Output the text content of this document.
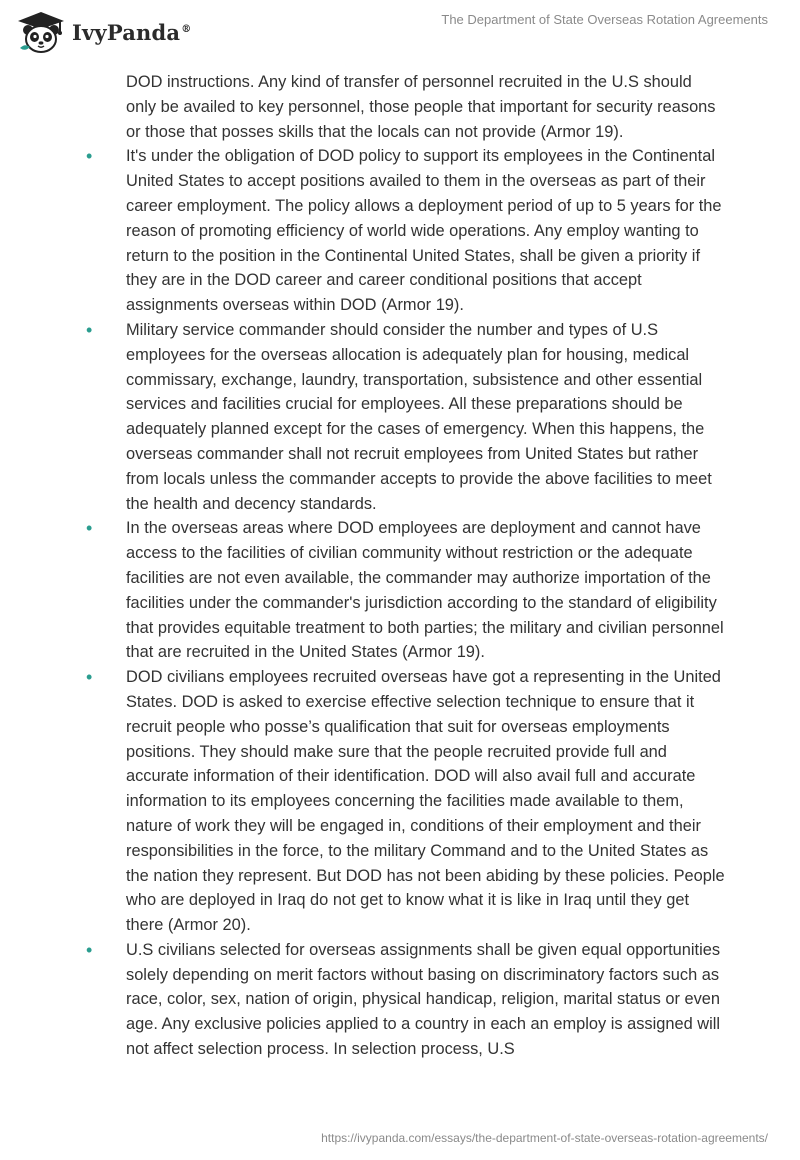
IvyPanda®
The Department of State Overseas Rotation Agreements

DOD instructions. Any kind of transfer of personnel recruited in the U.S should only be availed to key personnel, those people that important for security reasons or those that posses skills that the locals can not provide (Armor 19).

• It's under the obligation of DOD policy to support its employees in the Continental United States to accept positions availed to them in the overseas as part of their career employment. The policy allows a deployment period of up to 5 years for the reason of promoting efficiency of world wide operations. Any employ wanting to return to the position in the Continental United States, shall be given a priority if they are in the DOD career and career conditional positions that accept assignments overseas within DOD (Armor 19).

• Military service commander should consider the number and types of U.S employees for the overseas allocation is adequately plan for housing, medical commissary, exchange, laundry, transportation, subsistence and other essential services and facilities crucial for employees. All these preparations should be adequately planned except for the cases of emergency. When this happens, the overseas commander shall not recruit employees from United States but rather from locals unless the commander accepts to provide the above facilities to meet the health and decency standards.

• In the overseas areas where DOD employees are deployment and cannot have access to the facilities of civilian community without restriction or the adequate facilities are not even available, the commander may authorize importation of the facilities under the commander's jurisdiction according to the standard of eligibility that provides equitable treatment to both parties; the military and civilian personnel that are recruited in the United States (Armor 19).

• DOD civilians employees recruited overseas have got a representing in the United States. DOD is asked to exercise effective selection technique to ensure that it recruit people who posse’s qualification that suit for overseas employments positions. They should make sure that the people recruited provide full and accurate information of their identification. DOD will also avail full and accurate information to its employees concerning the facilities made available to them, nature of work they will be engaged in, conditions of their employment and their responsibilities in the force, to the military Command and to the United States as the nation they represent. But DOD has not been abiding by these policies. People who are deployed in Iraq do not get to know what it is like in Iraq until they get there (Armor 20).

• U.S civilians selected for overseas assignments shall be given equal opportunities solely depending on merit factors without basing on discriminatory factors such as race, color, sex, nation of origin, physical handicap, religion, marital status or even age. Any exclusive policies applied to a country in each an employ is assigned will not affect selection process. In selection process, U.S

https://ivypanda.com/essays/the-department-of-state-overseas-rotation-agreements/
